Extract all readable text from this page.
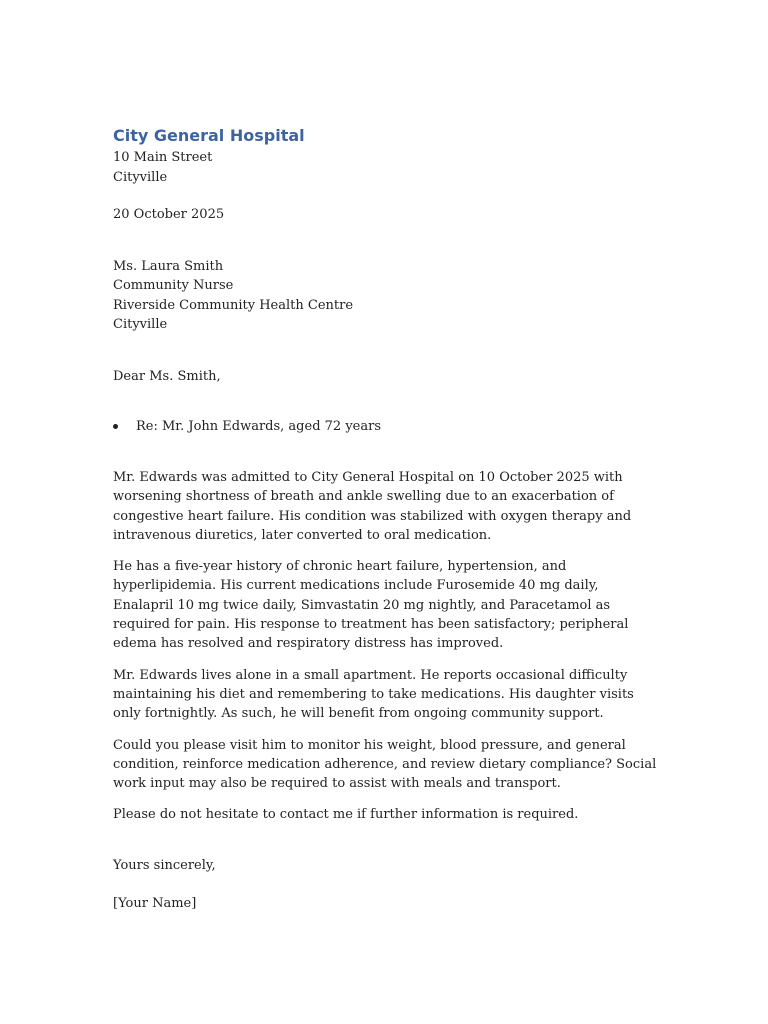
City General Hospital
10 Main Street
Cityville
20 October 2025
Ms. Laura Smith
Community Nurse
Riverside Community Health Centre
Cityville
Dear Ms. Smith,
Re: Mr. John Edwards, aged 72 years

Mr. Edwards was admitted to City General Hospital on 10 October 2025 with worsening shortness of breath and ankle swelling due to an exacerbation of congestive heart failure. His condition was stabilized with oxygen therapy and intravenous diuretics, later converted to oral medication.

He has a five-year history of chronic heart failure, hypertension, and hyperlipidemia. His current medications include Furosemide 40 mg daily, Enalapril 10 mg twice daily, Simvastatin 20 mg nightly, and Paracetamol as required for pain. His response to treatment has been satisfactory; peripheral edema has resolved and respiratory distress has improved.

Mr. Edwards lives alone in a small apartment. He reports occasional difficulty maintaining his diet and remembering to take medications. His daughter visits only fortnightly. As such, he will benefit from ongoing community support.

Could you please visit him to monitor his weight, blood pressure, and general condition, reinforce medication adherence, and review dietary compliance? Social work input may also be required to assist with meals and transport.

Please do not hesitate to contact me if further information is required.

Yours sincerely,
[Your Name]
